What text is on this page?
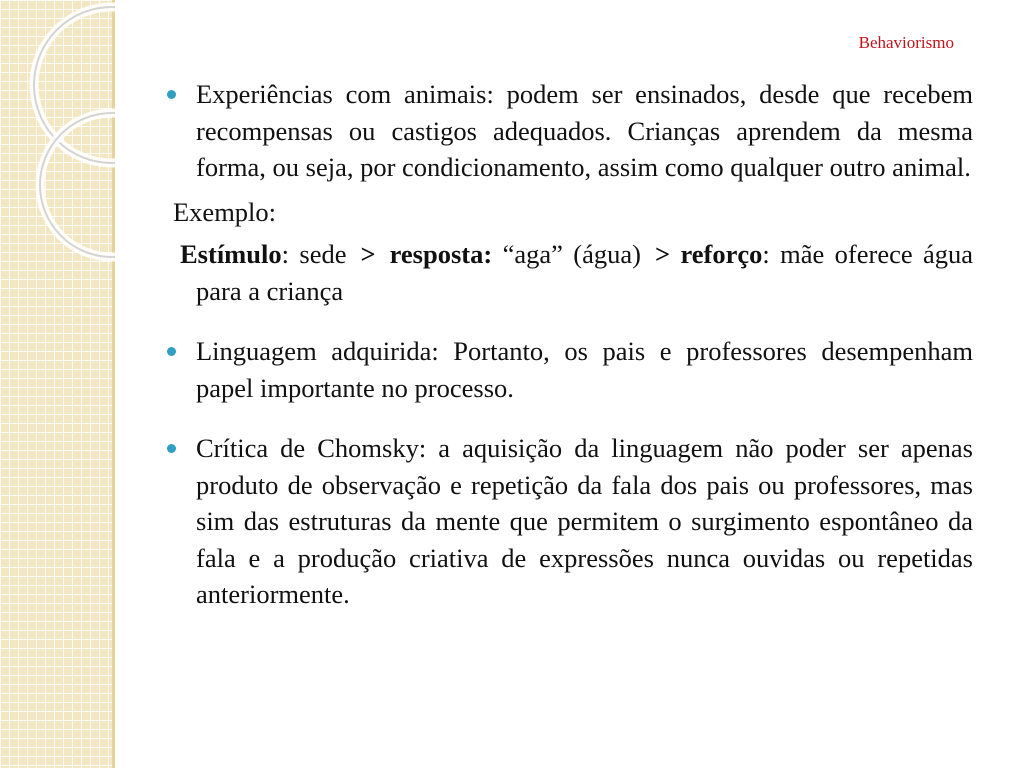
Behaviorismo
Experiências com animais: podem ser ensinados, desde que recebem recompensas ou castigos adequados. Crianças aprendem da mesma forma, ou seja, por condicionamento, assim como qualquer outro animal.
Exemplo:
Estímulo: sede > resposta: “aga” (água) > reforço: mãe oferece água para a criança
Linguagem adquirida: Portanto, os pais e professores desempenham papel importante no processo.
Crítica de Chomsky: a aquisição da linguagem não poder ser apenas produto de observação e repetição da fala dos pais ou professores, mas sim das estruturas da mente que permitem o surgimento espontâneo da fala e a produção criativa de expressões nunca ouvidas ou repetidas anteriormente.
